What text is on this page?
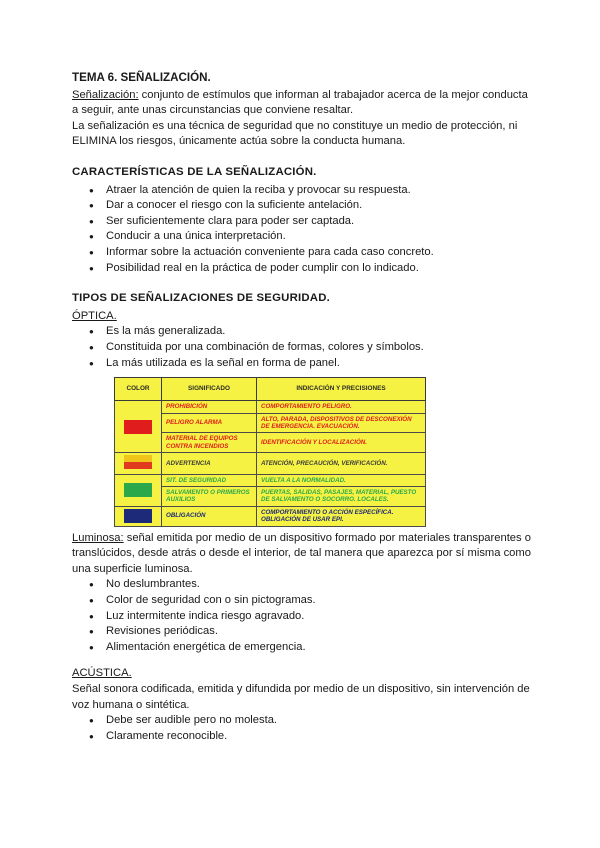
TEMA 6. SEÑALIZACIÓN.

Señalización: conjunto de estímulos que informan al trabajador acerca de la mejor conducta a seguir, ante unas circunstancias que conviene resaltar.

La señalización es una técnica de seguridad que no constituye un medio de protección, ni ELIMINA los riesgos, únicamente actúa sobre la conducta humana.

CARACTERÍSTICAS DE LA SEÑALIZACIÓN.
● Atraer la atención de quien la reciba y provocar su respuesta.
● Dar a conocer el riesgo con la suficiente antelación.
● Ser suficientemente clara para poder ser captada.
● Conducir a una única interpretación.
● Informar sobre la actuación conveniente para cada caso concreto.
● Posibilidad real en la práctica de poder cumplir con lo indicado.
TIPOS DE SEÑALIZACIONES DE SEGURIDAD.

ÓPTICA.

● Es la más generalizada.
● Constituida por una combinación de formas, colores y símbolos.
● La más utilizada es la señal en forma de panel.
COLOR	SIGNIFICADO	INDICACIÓN Y PRECISIONES
	PROHIBICIÓN	COMPORTAMIENTO PELIGRO.
	PELIGRO ALARMA	ALTO, PARADA, DISPOSITIVOS DE DESCONEXIÓN DE EMERGENCIA. EVACUACIÓN.
	MATERIAL DE EQUIPOS CONTRA INCENDIOS	IDENTIFICACIÓN Y LOCALIZACIÓN.
	ADVERTENCIA	ATENCIÓN, PRECAUCIÓN, VERIFICACIÓN.
	SIT. DE SEGURIDAD	VUELTA A LA NORMALIDAD.
	SALVAMENTO O PRIMEROS AUXILIOS	PUERTAS, SALIDAS, PASAJES, MATERIAL, PUESTO DE SALVAMENTO O SOCORRO. LOCALES.
	OBLIGACIÓN	COMPORTAMIENTO O ACCIÓN ESPECÍFICA. OBLIGACIÓN DE USAR EPI.

Luminosa: señal emitida por medio de un dispositivo formado por materiales transparentes o translúcidos, desde atrás o desde el interior, de tal manera que aparezca por sí misma como una superficie luminosa.

● No deslumbrantes.
● Color de seguridad con o sin pictogramas.
● Luz intermitente indica riesgo agravado.
● Revisiones periódicas.
● Alimentación energética de emergencia.

ACÚSTICA.

Señal sonora codificada, emitida y difundida por medio de un dispositivo, sin intervención de voz humana o sintética.

● Debe ser audible pero no molesta.
● Claramente reconocible.
